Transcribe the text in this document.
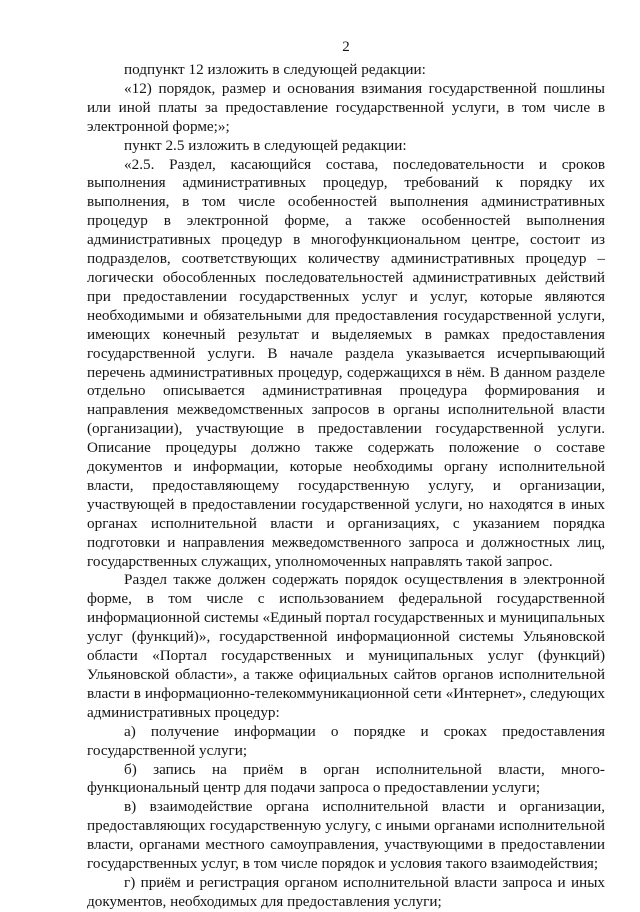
2

подпункт 12 изложить в следующей редакции:

«12) порядок, размер и основания взимания государственной пошлины или иной платы за предоставление государственной услуги, в том числе в электронной форме;»;

пункт 2.5 изложить в следующей редакции:

«2.5. Раздел, касающийся состава, последовательности и сроков выполнения административных процедур, требований к порядку их выполнения, в том числе особенностей выполнения административных процедур в электронной форме, а также особенностей выполнения административных процедур в многофункциональном центре, состоит из подразделов, соответствующих количеству административных процедур – логически обособленных последовательностей административных действий при предоставлении государственных услуг и услуг, которые являются необходимыми и обязательными для предоставления государственной услуги, имеющих конечный результат и выделяемых в рамках предоставления государственной услуги. В начале раздела указывается исчерпывающий перечень административных процедур, содержащихся в нём. В данном разделе отдельно описывается административная процедура формирования и направления межведомственных запросов в органы исполнительной власти (организации), участвующие в предоставлении государственной услуги. Описание процедуры должно также содержать положение о составе документов и информации, которые необходимы органу исполнительной власти, предоставляющему государственную услугу, и организации, участвующей в предоставлении государственной услуги, но находятся в иных органах исполнительной власти и организациях, с указанием порядка подготовки и направления межведомственного запроса и должностных лиц, государственных служащих, уполномоченных направлять такой запрос.

Раздел также должен содержать порядок осуществления в электронной форме, в том числе с использованием федеральной государственной информационной системы «Единый портал государственных и муниципальных услуг (функций)», государственной информационной системы Ульяновской области «Портал государственных и муниципальных услуг (функций) Ульяновской области», а также официальных сайтов органов исполнительной власти в информационно-телекоммуникационной сети «Интернет», следующих административных процедур:

а) получение информации о порядке и сроках предоставления государственной услуги;

б) запись на приём в орган исполнительной власти, много-функциональный центр для подачи запроса о предоставлении услуги;

в) взаимодействие органа исполнительной власти и организации, предоставляющих государственную услугу, с иными органами исполнительной власти, органами местного самоуправления, участвующими в предоставлении государственных услуг, в том числе порядок и условия такого взаимодействия;

г) приём и регистрация органом исполнительной власти запроса и иных документов, необходимых для предоставления услуги;
